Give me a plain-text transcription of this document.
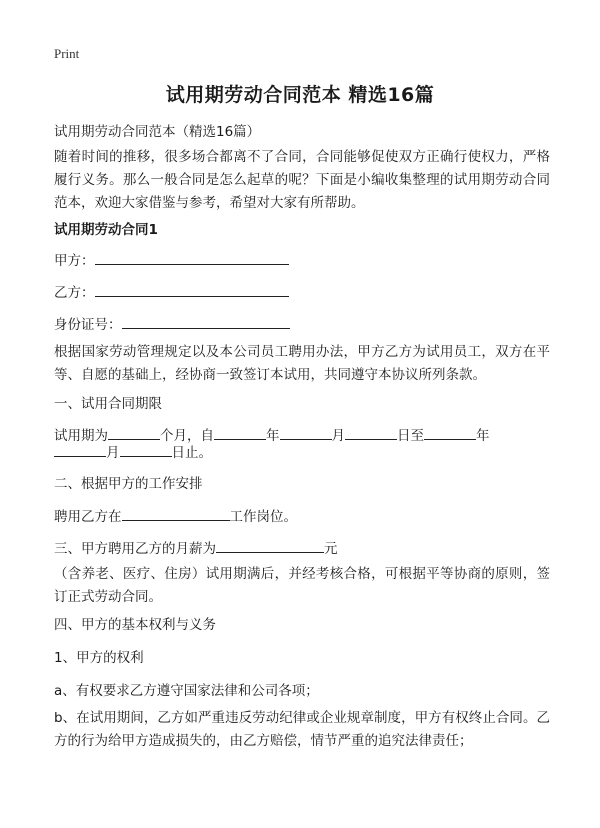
Print
试用期劳动合同范本 精选16篇
试用期劳动合同范本（精选16篇）
随着时间的推移，很多场合都离不了合同，合同能够促使双方正确行使权力，严格履行义务。那么一般合同是怎么起草的呢？下面是小编收集整理的试用期劳动合同范本，欢迎大家借鉴与参考，希望对大家有所帮助。
试用期劳动合同1
甲方：
乙方：
身份证号：
根据国家劳动管理规定以及本公司员工聘用办法，甲方乙方为试用员工，双方在平等、自愿的基础上，经协商一致签订本试用，共同遵守本协议所列条款。
一、试用合同期限
试用期为	个月，自	年	月	日至	年
月	日止。
二、根据甲方的工作安排
聘用乙方在	工作岗位。
三、甲方聘用乙方的月薪为	元
（含养老、医疗、住房）试用期满后，并经考核合格，可根据平等协商的原则，签订正式劳动合同。
四、甲方的基本权利与义务
1、甲方的权利
a、有权要求乙方遵守国家法律和公司各项；
b、在试用期间，乙方如严重违反劳动纪律或企业规章制度，甲方有权终止合同。乙方的行为给甲方造成损失的，由乙方赔偿，情节严重的追究法律责任；
